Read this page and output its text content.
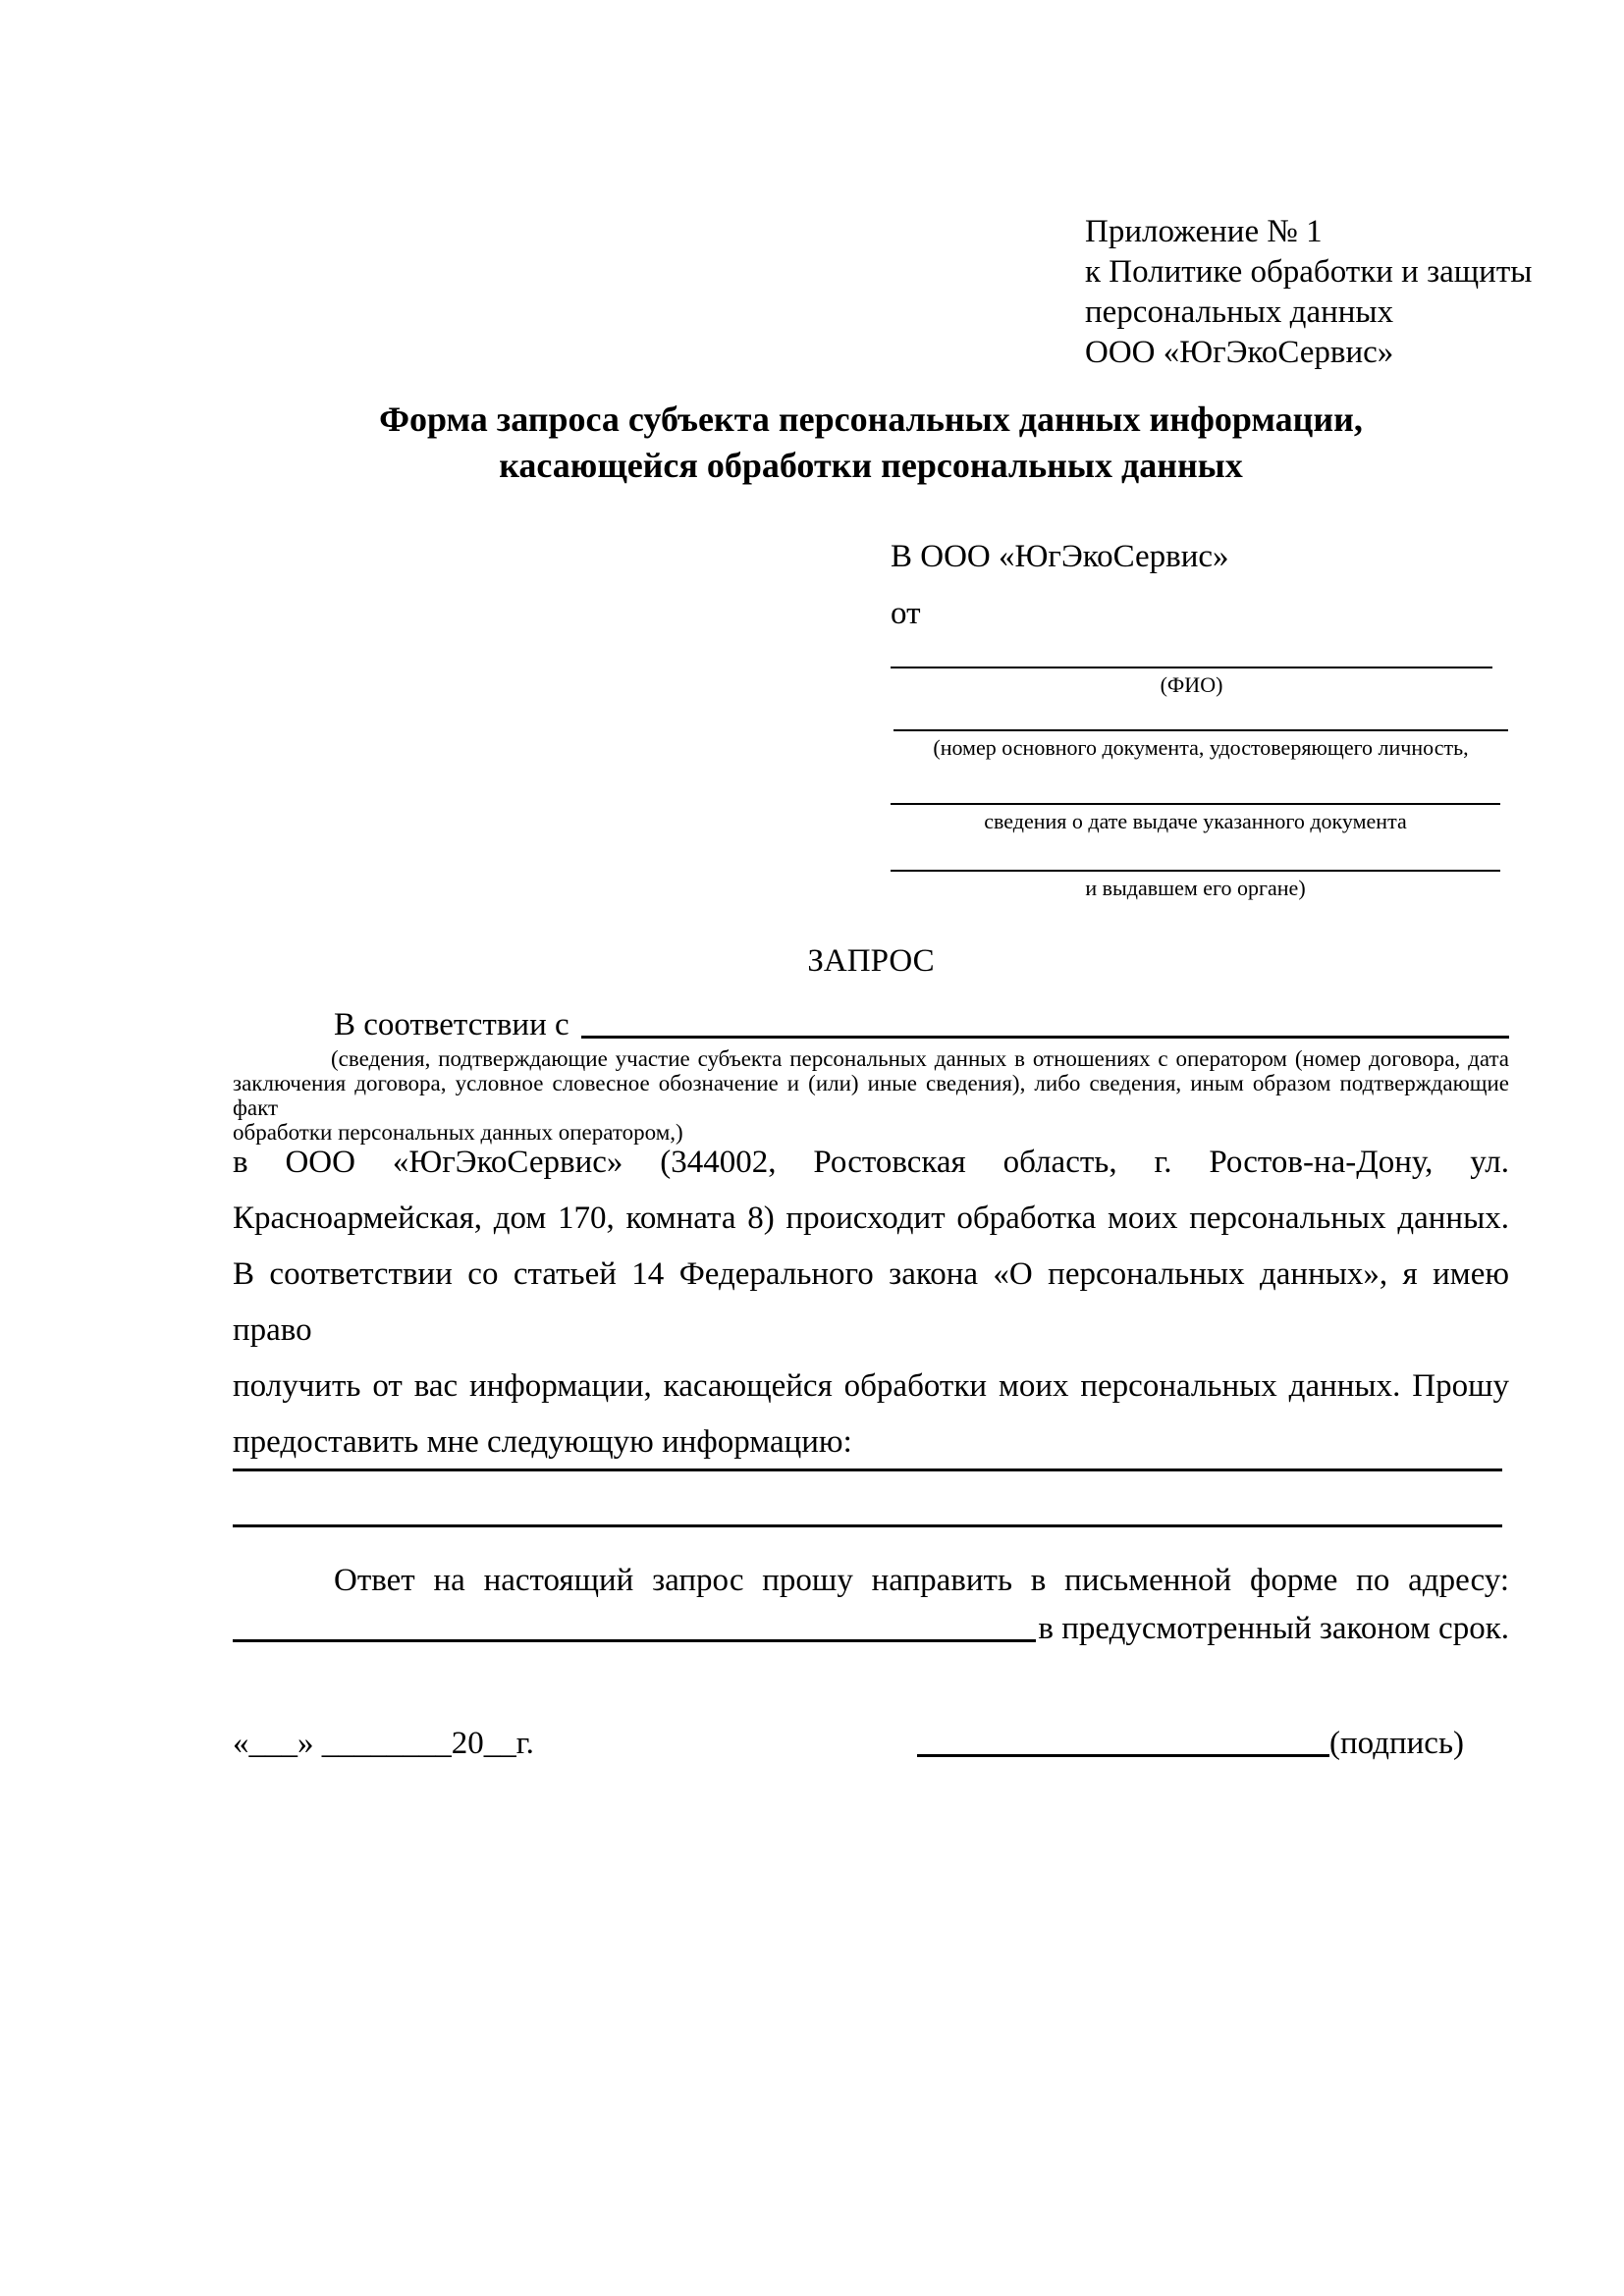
Приложение № 1
к Политике обработки и защиты
персональных данных
ООО «ЮгЭкоСервис»
Форма запроса субъекта персональных данных информации,
касающейся обработки персональных данных
В ООО «ЮгЭкоСервис»
от
(ФИО)
(номер основного документа, удостоверяющего личность,
сведения о дате выдаче указанного документа
и выдавшем его органе)
ЗАПРОС
В соответствии с
(сведения, подтверждающие участие субъекта персональных данных в отношениях с оператором (номер договора, дата
заключения договора, условное словесное обозначение и (или) иные сведения), либо сведения, иным образом подтверждающие факт
обработки персональных данных оператором,)
в ООО «ЮгЭкоСервис» (344002, Ростовская область, г. Ростов-на-Дону, ул.
Красноармейская, дом 170, комната 8) происходит обработка моих персональных данных.
В соответствии со статьей 14 Федерального закона «О персональных данных», я имею право
получить от вас информации, касающейся обработки моих персональных данных. Прошу
предоставить мне следующую информацию:
Ответ на настоящий запрос прошу направить в письменной форме по адресу:
в предусмотренный законом срок.
«___» ________20__г.	(подпись)
